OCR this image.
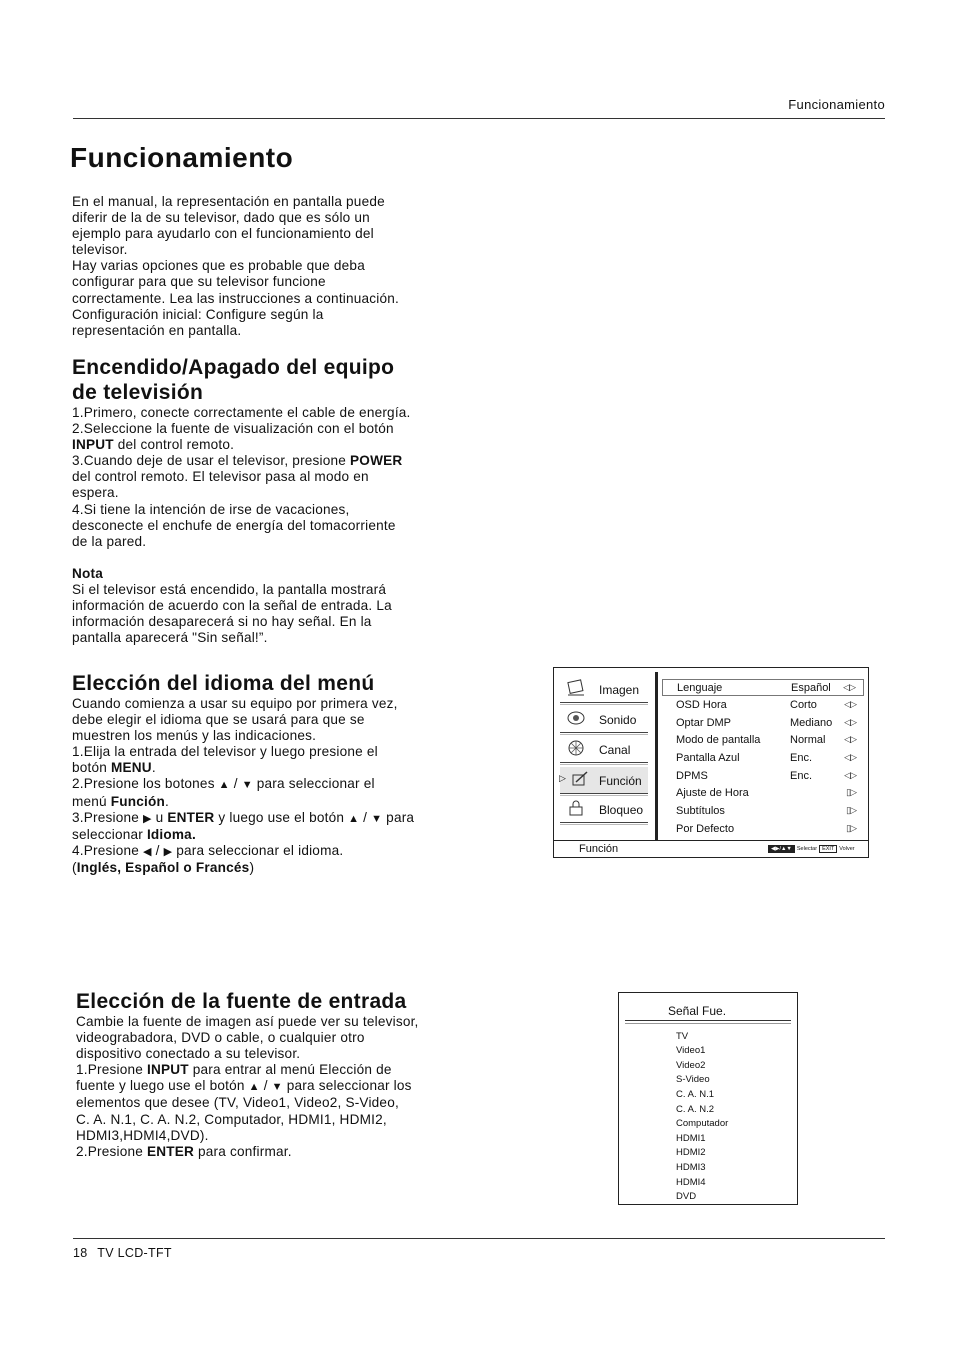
Funcionamiento
Funcionamiento

En el manual, la representación en pantalla puede

diferir de la de su televisor, dado que es sólo un

ejemplo para ayudarlo con el funcionamiento del

televisor.

Hay varias opciones que es probable que deba

configurar para que su televisor funcione

correctamente. Lea las instrucciones a continuación.

Configuración inicial: Configure según la

representación en pantalla.

Encendido/Apagado del equipo
de televisión

1.Primero, conecte correctamente el cable de energía.

2.Seleccione la fuente de visualización con el botón

INPUT del control remoto.

3.Cuando deje de usar el televisor, presione POWER

del control remoto. El televisor pasa al modo en

espera.

4.Si tiene la intención de irse de vacaciones,

desconecte el enchufe de energía del tomacorriente

de la pared.

Nota

Si el televisor está encendido, la pantalla mostrará

información de acuerdo con la señal de entrada. La

información desaparecerá si no hay señal. En la

pantalla aparecerá "Sin señal!”.

Elección del idioma del menú

Cuando comienza a usar su equipo por primera vez,

debe elegir el idioma que se usará para que se

muestren los menús y las indicaciones.

1.Elija la entrada del televisor y luego presione el

botón MENU.

2.Presione los botones ▲ / ▼ para seleccionar el

menú Función.

3.Presione ▶ u ENTER y luego use el botón ▲ / ▼ para

seleccionar Idioma.

4.Presione ◀ / ▶ para seleccionar el idioma.

(Inglés, Español o Francés)

Imagen
Sonido
Canal
▷	Función
Bloqueo
Lenguaje	Español ◁▷
OSD Hora	Corto	◁▷
Optar DMP	Mediano ◁▷
Modo de pantalla	Normal ◁▷
Pantalla Azul	Enc.	◁▷
DPMS	Enc.	◁▷
Ajuste de Hora	▯▷
Subtítulos	▯▷
Por Defecto	▯▷
Función	◀▶/▲▼ Selectar EXIT Volver
Elección de la fuente de entrada

Cambie la fuente de imagen así puede ver su televisor,

videograbadora, DVD o cable, o cualquier otro

dispositivo conectado a su televisor.

1.Presione INPUT para entrar al menú Elección de

fuente y luego use el botón ▲ / ▼ para seleccionar los

elementos que desee (TV, Video1, Video2, S-Video,

C. A. N.1, C. A. N.2, Computador, HDMI1, HDMI2,

HDMI3,HDMI4,DVD).

2.Presione ENTER para confirmar.

Señal Fue.
TV
Video1
Video2
S-Video
C. A. N.1
C. A. N.2
Computador
HDMI1
HDMI2
HDMI3
HDMI4
DVD
18 TV LCD-TFT
